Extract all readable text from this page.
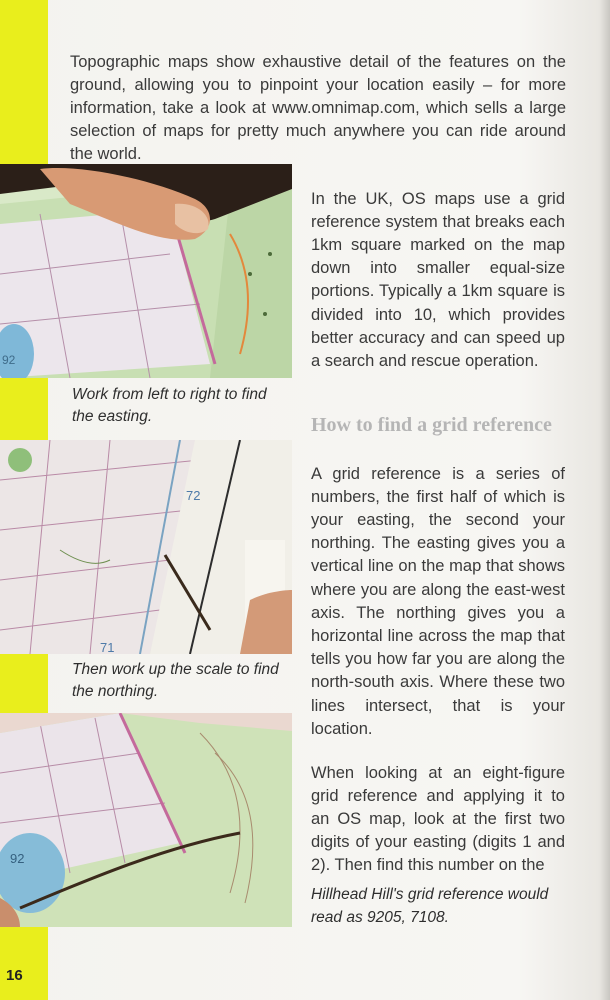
Topographic maps show exhaustive detail of the features on the ground, allowing you to pinpoint your location easily – for more information, take a look at www.omnimap.com, which sells a large selection of maps for pretty much anywhere you can ride around the world.

92
Work from left to right to find the easting.
72
71
Then work up the scale to find the northing.
92

In the UK, OS maps use a grid reference system that breaks each 1km square marked on the map down into smaller equal-size portions. Typically a 1km square is divided into 10, which provides better accuracy and can speed up a search and rescue operation.

How to find a grid reference

A grid reference is a series of numbers, the first half of which is your easting, the second your northing. The easting gives you a vertical line on the map that shows where you are along the east-west axis. The northing gives you a horizontal line across the map that tells you how far you are along the north-south axis. Where these two lines intersect, that is your location.

When looking at an eight-figure grid reference and applying it to an OS map, look at the first two digits of your easting (digits 1 and 2). Then find this number on the

Hillhead Hill's grid reference would read as 9205, 7108.
16
